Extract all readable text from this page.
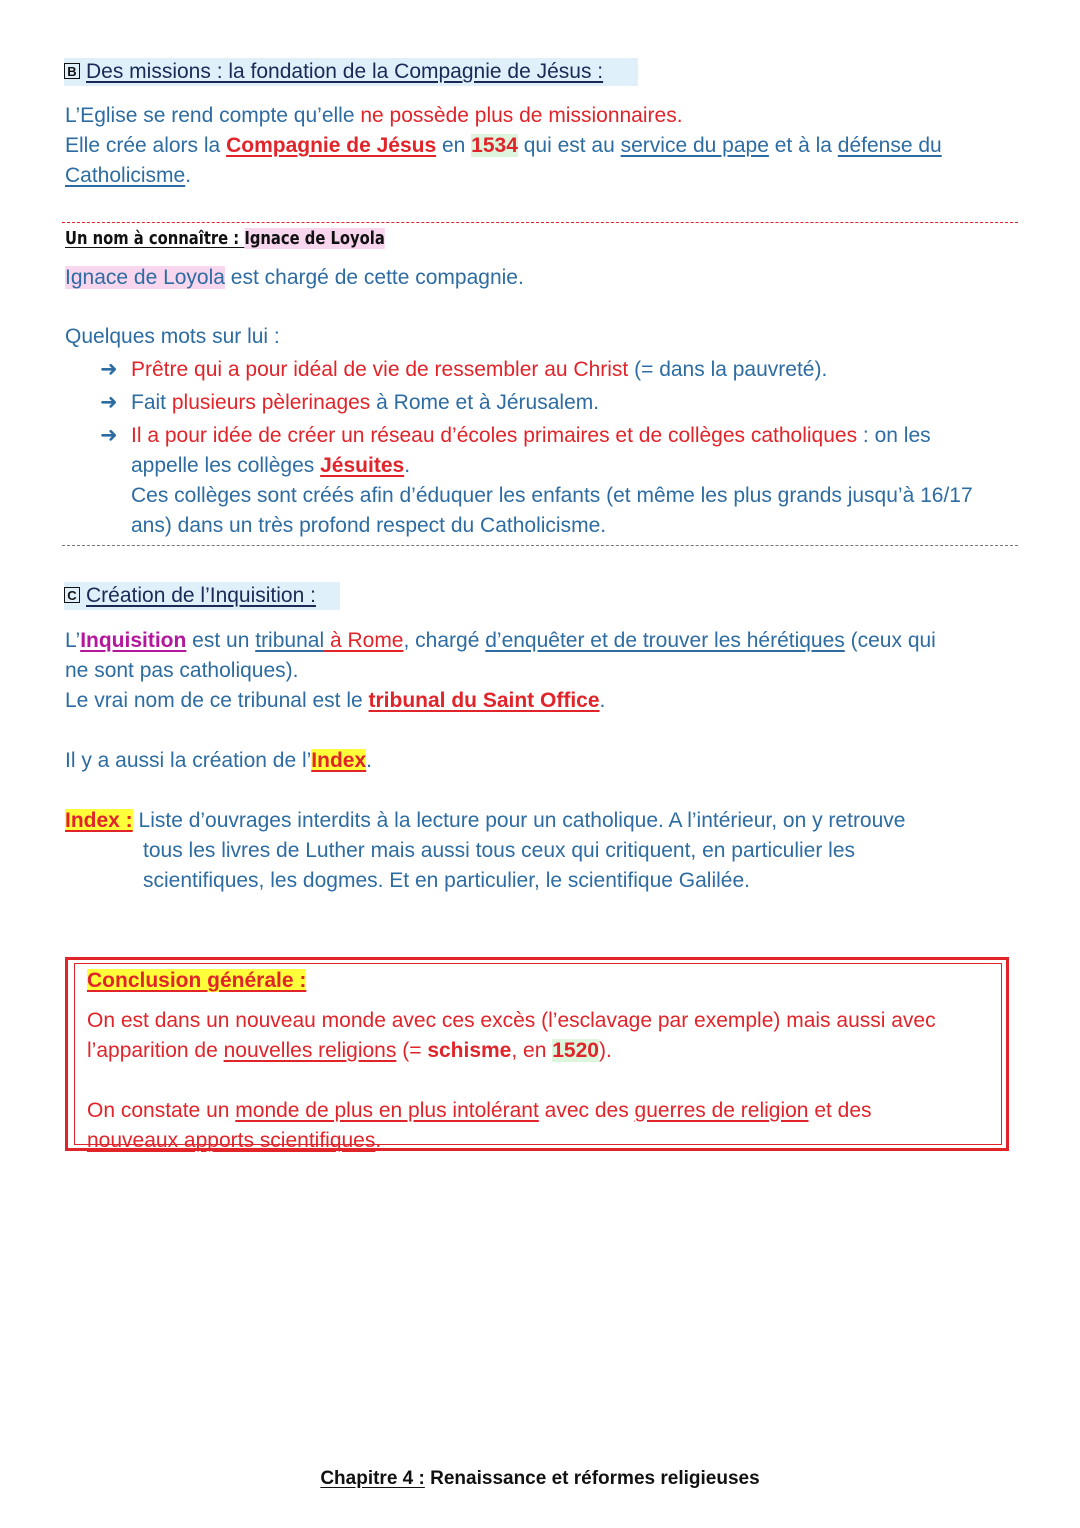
B Des missions : la fondation de la Compagnie de Jésus :
L’Eglise se rend compte qu’elle ne possède plus de missionnaires.
Elle crée alors la Compagnie de Jésus en 1534 qui est au service du pape et à la défense du
Catholicisme.
Un nom à connaître : Ignace de Loyola
Ignace de Loyola est chargé de cette compagnie.
Quelques mots sur lui :
➜ Prêtre qui a pour idéal de vie de ressembler au Christ (= dans la pauvreté).
➜ Fait plusieurs pèlerinages à Rome et à Jérusalem.
➜ Il a pour idée de créer un réseau d’écoles primaires et de collèges catholiques : on les appelle les collèges Jésuites.
Ces collèges sont créés afin d’éduquer les enfants (et même les plus grands jusqu’à 16/17 ans) dans un très profond respect du Catholicisme.
C Création de l’Inquisition :
L’Inquisition est un tribunal à Rome, chargé d’enquêter et de trouver les hérétiques (ceux qui
ne sont pas catholiques).
Le vrai nom de ce tribunal est le tribunal du Saint Office.
Il y a aussi la création de l’Index.
Index : Liste d’ouvrages interdits à la lecture pour un catholique. A l’intérieur, on y retrouve
tous les livres de Luther mais aussi tous ceux qui critiquent, en particulier les
scientifiques, les dogmes. Et en particulier, le scientifique Galilée.
Conclusion générale :
On est dans un nouveau monde avec ces excès (l’esclavage par exemple) mais aussi avec
l’apparition de nouvelles religions (= schisme, en 1520).
On constate un monde de plus en plus intolérant avec des guerres de religion et des
nouveaux apports scientifiques.
Chapitre 4 : Renaissance et réformes religieuses
